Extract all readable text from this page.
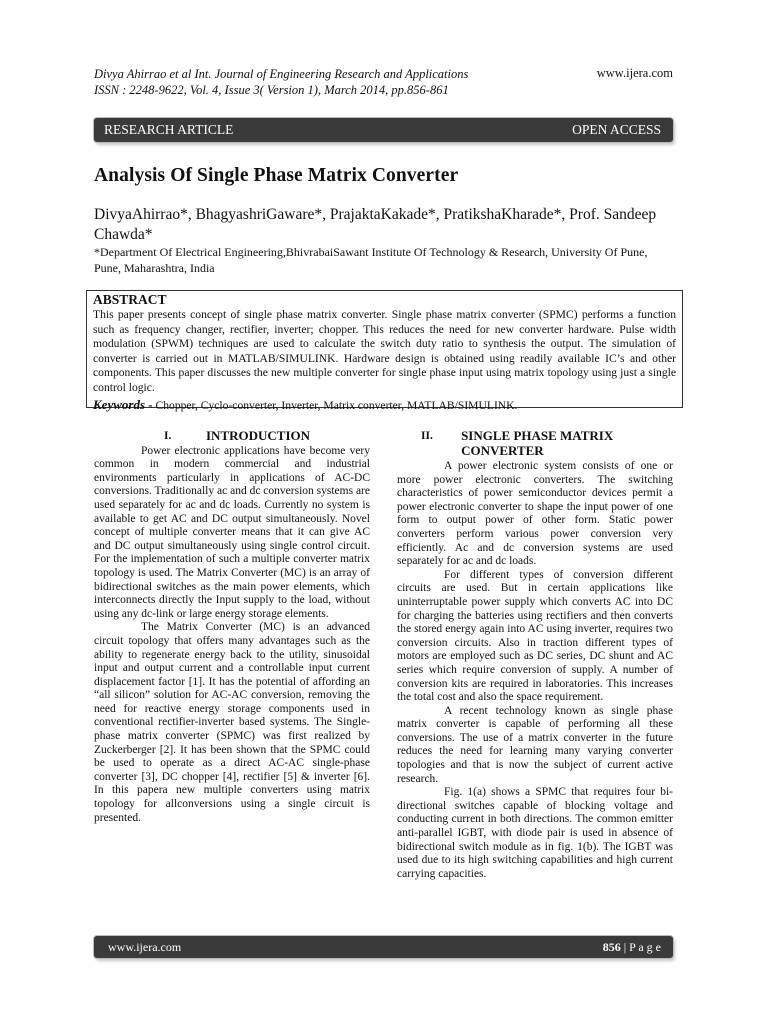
Divya Ahirrao et al Int. Journal of Engineering Research and Applications
ISSN : 2248-9622, Vol. 4, Issue 3( Version 1), March 2014, pp.856-861
www.ijera.com
RESEARCH ARTICLE	OPEN ACCESS
Analysis Of Single Phase Matrix Converter
DivyaAhirrao*, BhagyashriGaware*, PrajaktaKakade*, PratikshaKharade*, Prof. Sandeep Chawda*
*Department Of Electrical Engineering,BhivrabaiSawant Institute Of Technology & Research, University Of Pune, Pune, Maharashtra, India
ABSTRACT

This paper presents concept of single phase matrix converter. Single phase matrix converter (SPMC) performs a function such as frequency changer, rectifier, inverter; chopper. This reduces the need for new converter hardware. Pulse width modulation (SPWM) techniques are used to calculate the switch duty ratio to synthesis the output. The simulation of converter is carried out in MATLAB/SIMULINK. Hardware design is obtained using readily available IC’s and other components. This paper discusses the new multiple converter for single phase input using matrix topology using just a single control logic.

Keywords - Chopper, Cyclo-converter, Inverter, Matrix converter, MATLAB/SIMULINK.
I.	INTRODUCTION

Power electronic applications have become very common in modern commercial and industrial environments particularly in applications of AC-DC conversions. Traditionally ac and dc conversion systems are used separately for ac and dc loads. Currently no system is available to get AC and DC output simultaneously. Novel concept of multiple converter means that it can give AC and DC output simultaneously using single control circuit. For the implementation of such a multiple converter matrix topology is used. The Matrix Converter (MC) is an array of bidirectional switches as the main power elements, which interconnects directly the Input supply to the load, without using any dc-link or large energy storage elements.

The Matrix Converter (MC) is an advanced circuit topology that offers many advantages such as the ability to regenerate energy back to the utility, sinusoidal input and output current and a controllable input current displacement factor [1]. It has the potential of affording an “all silicon” solution for AC-AC conversion, removing the need for reactive energy storage components used in conventional rectifier-inverter based systems. The Single-phase matrix converter (SPMC) was first realized by Zuckerberger [2]. It has been shown that the SPMC could be used to operate as a direct AC-AC single-phase converter [3], DC chopper [4], rectifier [5] & inverter [6]. In this papera new multiple converters using matrix topology for allconversions using a single circuit is presented.

II.	SINGLE PHASE MATRIX CONVERTER

A power electronic system consists of one or more power electronic converters. The switching characteristics of power semiconductor devices permit a power electronic converter to shape the input power of one form to output power of other form. Static power converters perform various power conversion very efficiently. Ac and dc conversion systems are used separately for ac and dc loads.

For different types of conversion different circuits are used. But in certain applications like uninterruptable power supply which converts AC into DC for charging the batteries using rectifiers and then converts the stored energy again into AC using inverter, requires two conversion circuits. Also in traction different types of motors are employed such as DC series, DC shunt and AC series which require conversion of supply. A number of conversion kits are required in laboratories. This increases the total cost and also the space requirement.

A recent technology known as single phase matrix converter is capable of performing all these conversions. The use of a matrix converter in the future reduces the need for learning many varying converter topologies and that is now the subject of current active research.

Fig. 1(a) shows a SPMC that requires four bi-directional switches capable of blocking voltage and conducting current in both directions. The common emitter anti-parallel IGBT, with diode pair is used in absence of bidirectional switch module as in fig. 1(b). The IGBT was used due to its high switching capabilities and high current carrying capacities.

www.ijera.com	856 | P a g e
